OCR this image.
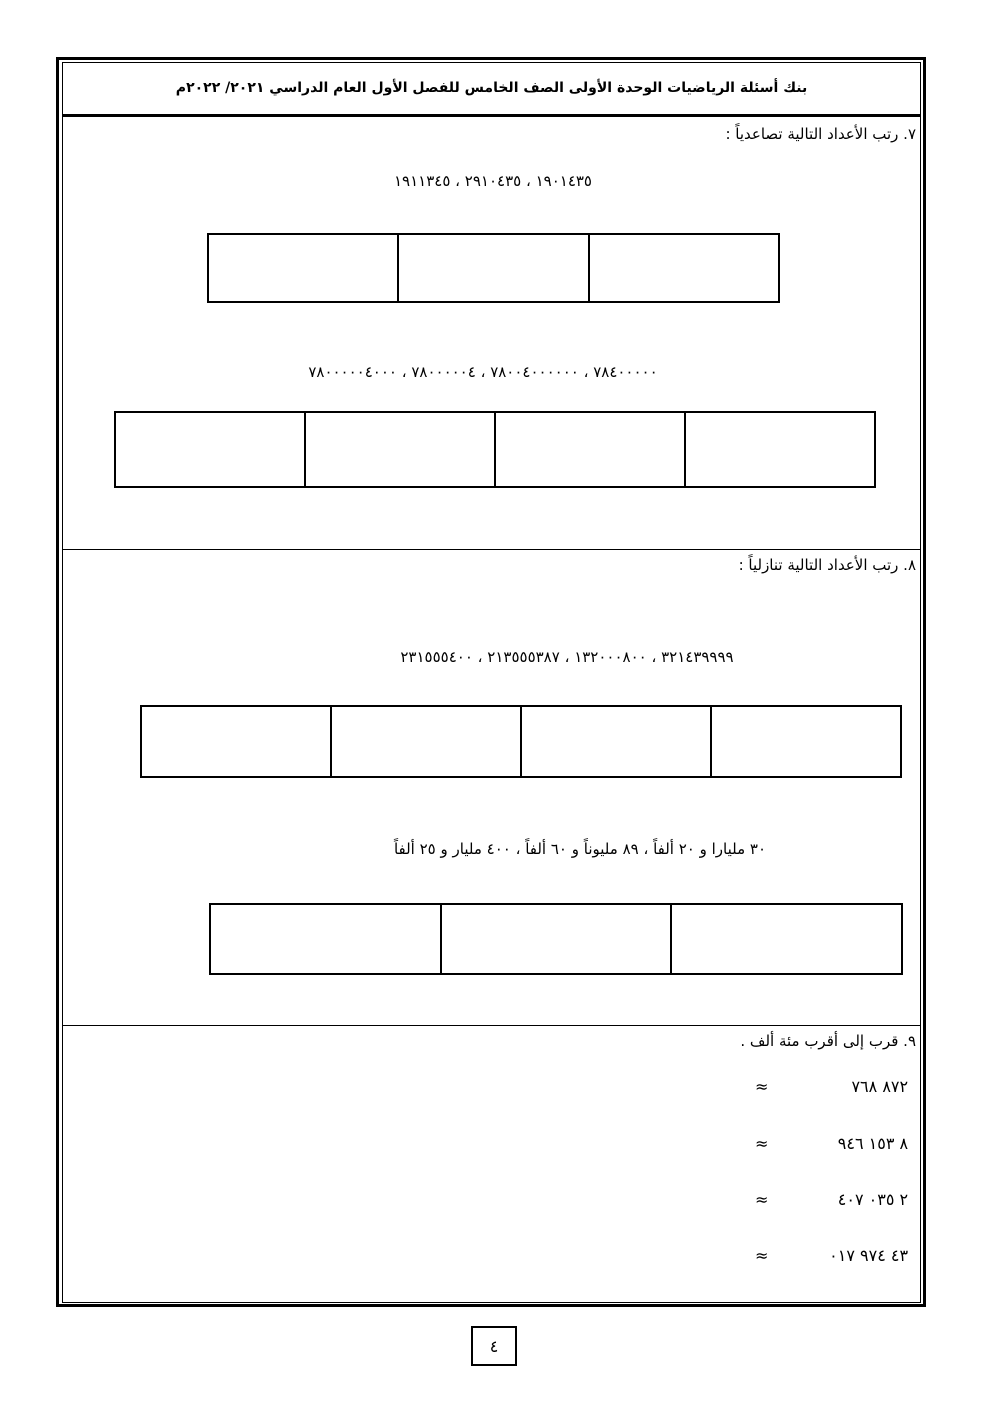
بنك أسئلة الرياضيات الوحدة الأولى الصف الخامس للفصل الأول العام الدراسي ٢٠٢١/ ٢٠٢٢م
٧. رتب الأعداد التالية تصاعدياً :
١٩٠١٤٣٥ ، ٢٩١٠٤٣٥ ، ١٩١١٣٤٥
٧٨٤٠٠٠٠٠ ، ٧٨٠٠٤٠٠٠٠٠٠ ، ٧٨٠٠٠٠٠٤ ، ٧٨٠٠٠٠٠٤٠٠٠
٨. رتب الأعداد التالية تنازلياً :
٣٢١٤٣٩٩٩٩ ، ١٣٢٠٠٠٨٠٠ ، ٢١٣٥٥٥٣٨٧ ، ٢٣١٥٥٥٤٠٠
٣٠ مليارا و ٢٠ ألفاً ، ٨٩ مليوناً و ٦٠ ألفاً ، ٤٠٠ مليار و ٢٥ ألفاً
٩. قرب إلى أقرب مئة ألف .
≈	٨٧٢ ٧٦٨
≈	٨ ١٥٣ ٩٤٦
≈	٢ ٠٣٥ ٤٠٧
≈	٤٣ ٩٧٤ ٠١٧
٤
